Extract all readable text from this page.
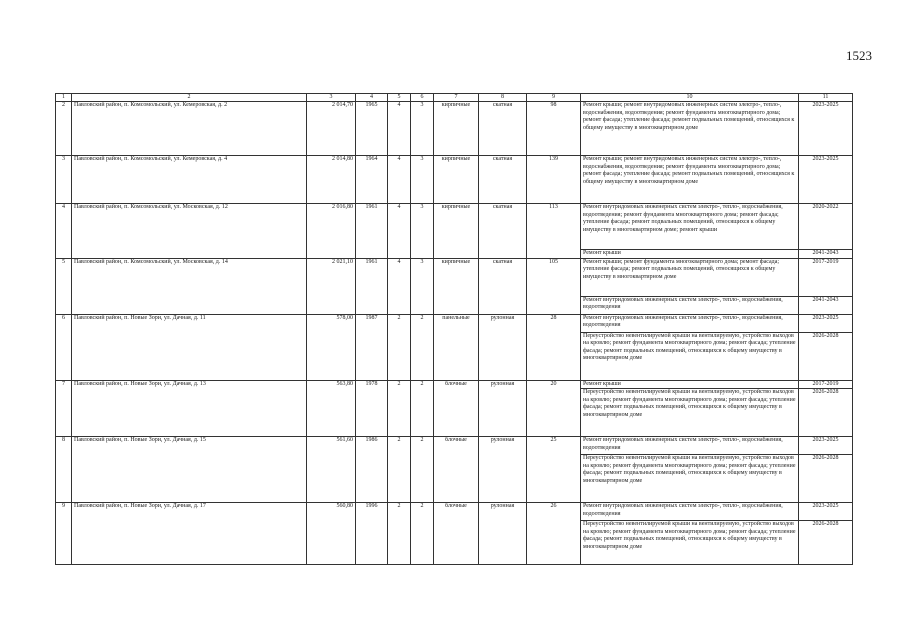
1523
1	2	3	4	5	6	7	8	9	10	11
2	Павловский район, п. Комсомольский, ул. Кемеровская, д. 2	2 014,70	1965	4	3	кирпичные	скатная	98	Ремонт крыши; ремонт внутридомовых инженерных систем электро-, тепло-, водоснабжения, водоотведения; ремонт фундамента многоквартирного дома; ремонт фасада; утепление фасада; ремонт подвальных помещений, относящихся к общему имуществу в многоквартирном доме	2023-2025
3	Павловский район, п. Комсомольский, ул. Кемеровская, д. 4	2 014,80	1964	4	3	кирпичные	скатная	139	Ремонт крыши; ремонт внутридомовых инженерных систем электро-, тепло-, водоснабжения, водоотведения; ремонт фундамента многоквартирного дома; ремонт фасада; утепление фасада; ремонт подвальных помещений, относящихся к общему имуществу в многоквартирном доме	2023-2025
4	Павловский район, п. Комсомольский, ул. Московская, д. 12	2 016,80	1961	4	3	кирпичные	скатная	113	Ремонт внутридомовых инженерных систем электро-, тепло-, водоснабжения, водоотведения; ремонт фундамента многоквартирного дома; ремонт фасада; утепление фасада; ремонт подвальных помещений, относящихся к общему имуществу в многоквартирном доме; ремонт крыши	2020-2022
									Ремонт крыши	2041-2043
5	Павловский район, п. Комсомольский, ул. Московская, д. 14	2 021,10	1961	4	3	кирпичные	скатная	105	Ремонт крыши; ремонт фундамента многоквартирного дома; ремонт фасада; утепление фасада; ремонт подвальных помещений, относящихся к общему имуществу в многоквартирном доме	2017-2019
									Ремонт внутридомовых инженерных систем электро-, тепло-, водоснабжения, водоотведения	2041-2043
6	Павловский район, п. Новые Зори, ул. Дачная, д. 11	578,00	1987	2	2	панельные	рулонная	28	Ремонт внутридомовых инженерных систем электро-, тепло-, водоснабжения, водоотведения	2023-2025
									Переустройство невентилируемой крыши на вентилируемую, устройство выходов на кровлю; ремонт фундамента многоквартирного дома; ремонт фасада; утепление фасада; ремонт подвальных помещений, относящихся к общему имуществу в многоквартирном доме	2026-2028
7	Павловский район, п. Новые Зори, ул. Дачная, д. 13	563,80	1978	2	2	блочные	рулонная	20	Ремонт крыши	2017-2019
									Переустройство невентилируемой крыши на вентилируемую, устройство выходов на кровлю; ремонт фундамента многоквартирного дома; ремонт фасада; утепление фасада; ремонт подвальных помещений, относящихся к общему имуществу в многоквартирном доме	2026-2028
8	Павловский район, п. Новые Зори, ул. Дачная, д. 15	561,60	1986	2	2	блочные	рулонная	25	Ремонт внутридомовых инженерных систем электро-, тепло-, водоснабжения, водоотведения	2023-2025
									Переустройство невентилируемой крыши на вентилируемую, устройство выходов на кровлю; ремонт фундамента многоквартирного дома; ремонт фасада; утепление фасада; ремонт подвальных помещений, относящихся к общему имуществу в многоквартирном доме	2026-2028
9	Павловский район, п. Новые Зори, ул. Дачная, д. 17	560,80	1996	2	2	блочные	рулонная	26	Ремонт внутридомовых инженерных систем электро-, тепло-, водоснабжения, водоотведения	2023-2025
									Переустройство невентилируемой крыши на вентилируемую, устройство выходов на кровлю; ремонт фундамента многоквартирного дома; ремонт фасада; утепление фасада; ремонт подвальных помещений, относящихся к общему имуществу в многоквартирном доме	2026-2028
